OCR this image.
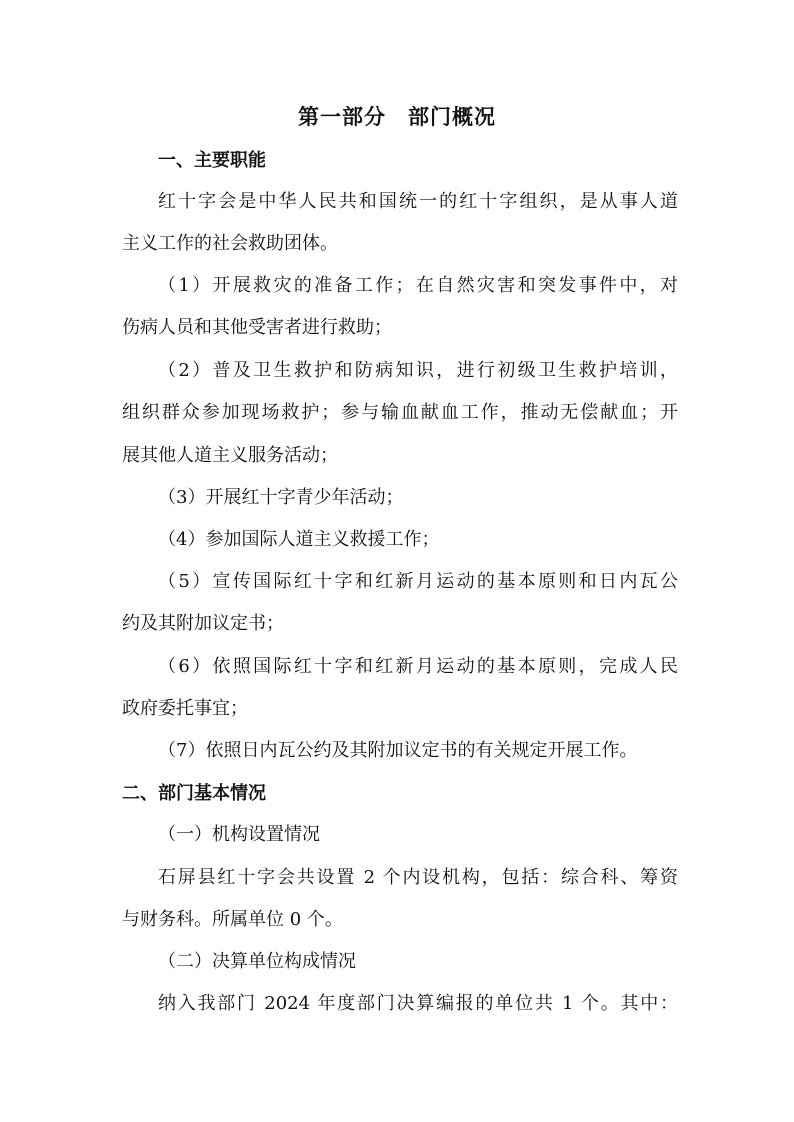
第一部分　部门概况
一、主要职能
红十字会是中华人民共和国统一的红十字组织，是从事人道
主义工作的社会救助团体。
（1）开展救灾的准备工作；在自然灾害和突发事件中，对
伤病人员和其他受害者进行救助；
（2）普及卫生救护和防病知识，进行初级卫生救护培训，
组织群众参加现场救护；参与输血献血工作，推动无偿献血；开
展其他人道主义服务活动；
（3）开展红十字青少年活动；
（4）参加国际人道主义救援工作；
（5）宣传国际红十字和红新月运动的基本原则和日内瓦公
约及其附加议定书；
（6）依照国际红十字和红新月运动的基本原则，完成人民
政府委托事宜；
（7）依照日内瓦公约及其附加议定书的有关规定开展工作。
二、部门基本情况
（一）机构设置情况
石屏县红十字会共设置 2 个内设机构，包括：综合科、筹资
与财务科。所属单位 0 个。
（二）决算单位构成情况
纳入我部门 2024 年度部门决算编报的单位共 1 个。其中：
